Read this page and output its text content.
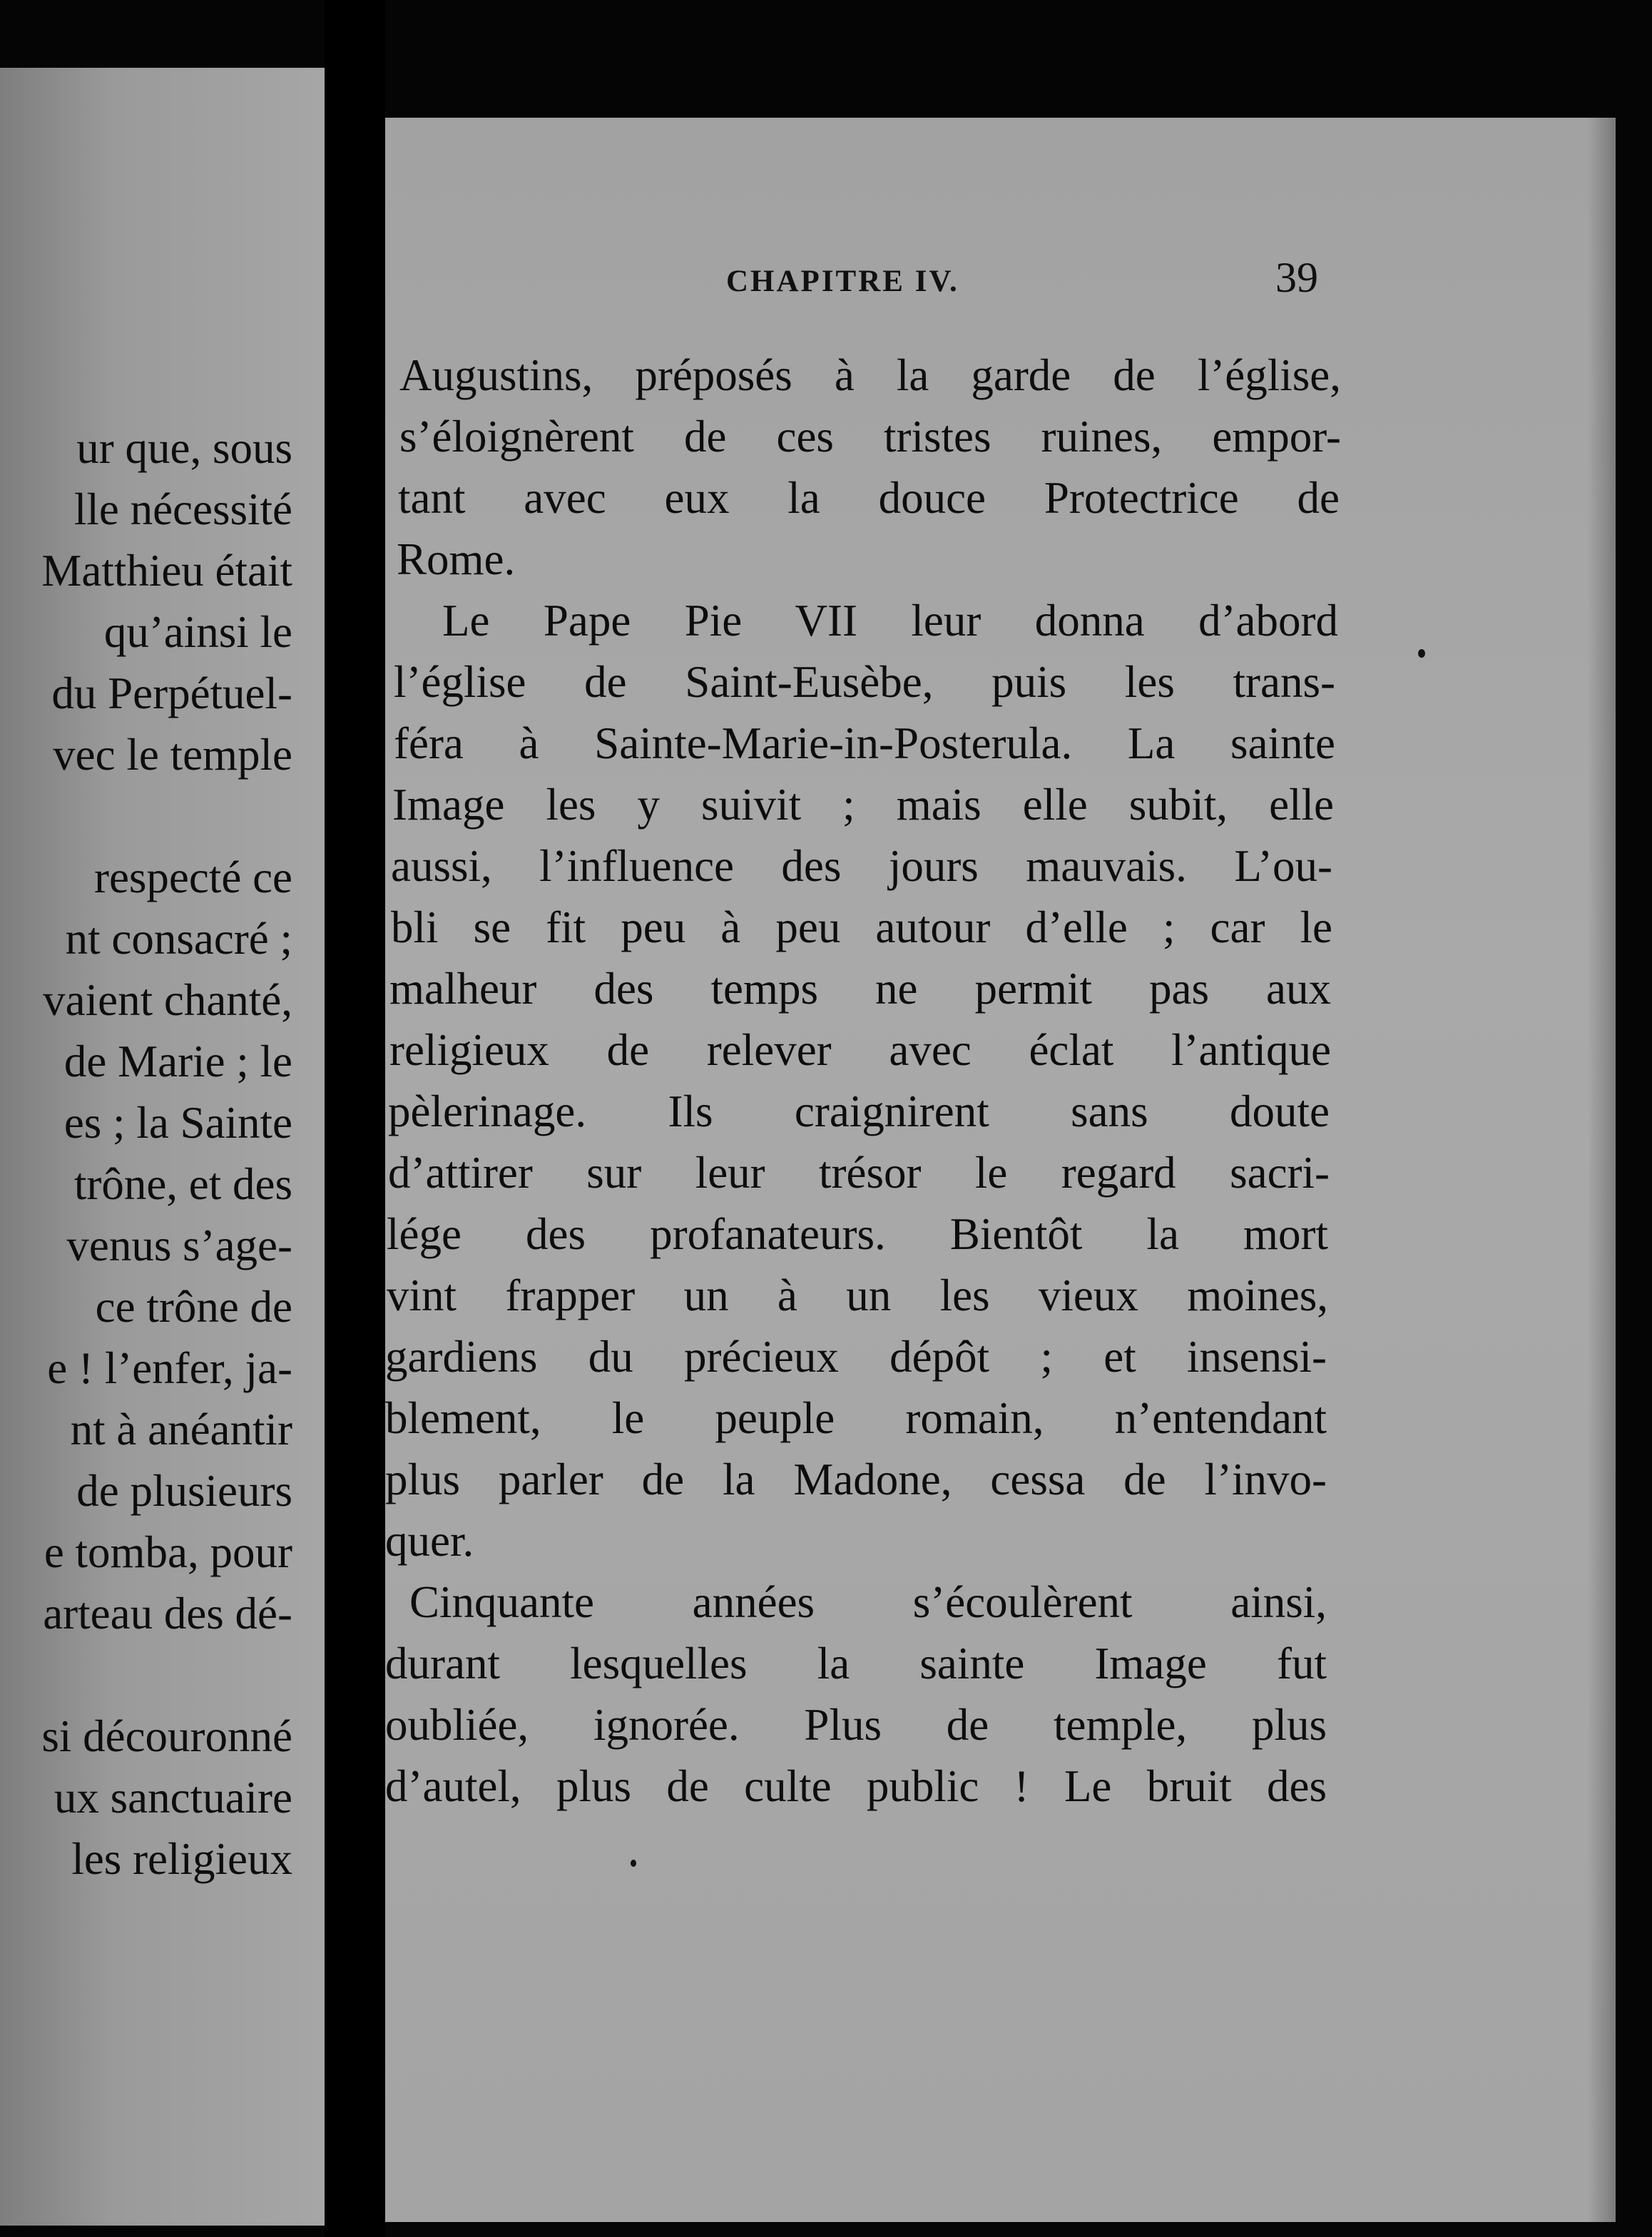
ur que, sous
lle nécessité
Matthieu était
qu’ainsi le
du Perpétuel-
vec le temple
respecté ce
nt consacré ;
vaient chanté,
de Marie ; le
es ; la Sainte
trône, et des
venus s’age-
ce trône de
e ! l’enfer, ja-
nt à anéantir
de plusieurs
e tomba, pour
arteau des dé-
si découronné
ux sanctuaire
les religieux
CHAPITRE IV.	39
Augustins, préposés à la garde de l’église,
s’éloignèrent de ces tristes ruines, empor-
tant avec eux la douce Protectrice de
Rome.
Le Pape Pie VII leur donna d’abord
l’église de Saint-Eusèbe, puis les trans-
féra à Sainte-Marie-in-Posterula. La sainte
Image les y suivit ; mais elle subit, elle
aussi, l’influence des jours mauvais. L’ou-
bli se fit peu à peu autour d’elle ; car le
malheur des temps ne permit pas aux
religieux de relever avec éclat l’antique
pèlerinage. Ils craignirent sans doute
d’attirer sur leur trésor le regard sacri-
lége des profanateurs. Bientôt la mort
vint frapper un à un les vieux moines,
gardiens du précieux dépôt ; et insensi-
blement, le peuple romain, n’entendant
plus parler de la Madone, cessa de l’invo-
quer.
Cinquante années s’écoulèrent ainsi,
durant lesquelles la sainte Image fut
oubliée, ignorée. Plus de temple, plus
d’autel, plus de culte public ! Le bruit des
